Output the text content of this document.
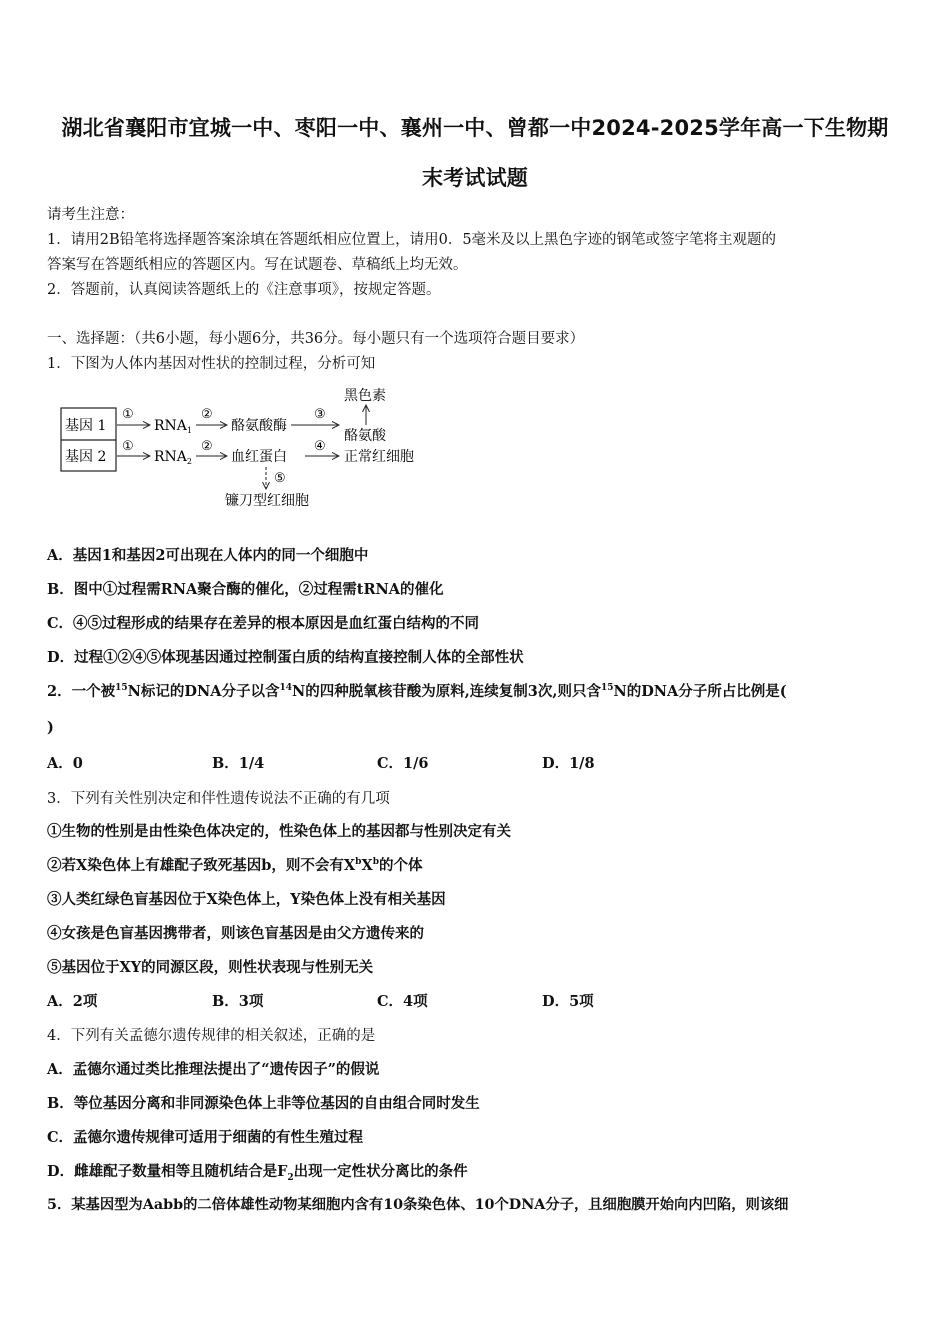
湖北省襄阳市宜城一中、枣阳一中、襄州一中、曾都一中2024-2025学年高一下生物期
末考试试题
请考生注意：
1．请用2B铅笔将选择题答案涂填在答题纸相应位置上，请用0．5毫米及以上黑色字迹的钢笔或签字笔将主观题的
答案写在答题纸相应的答题区内。写在试题卷、草稿纸上均无效。
2．答题前，认真阅读答题纸上的《注意事项》，按规定答题。
一、选择题：（共6小题，每小题6分，共36分。每小题只有一个选项符合题目要求）
1．下图为人体内基因对性状的控制过程，分析可知
基因 1
基因 2
①
$RNA_1$
②
酪氨酸酶
③
黑色素
酪氨酸
①
$RNA_2$
②
血红蛋白
④
正常红细胞
⑤
镰刀型红细胞
A．基因1和基因2可出现在人体内的同一个细胞中
B．图中①过程需RNA聚合酶的催化，②过程需tRNA的催化
C．④⑤过程形成的结果存在差异的根本原因是血红蛋白结构的不同
D．过程①②④⑤体现基因通过控制蛋白质的结构直接控制人体的全部性状
2．一个被$^{15}$N标记的DNA分子以含$^{14}$N的四种脱氧核苷酸为原料,连续复制3次,则只含$^{15}$N的DNA分子所占比例是(
)
A．0	B．1/4	C．1/6	D．1/8
3．下列有关性别决定和伴性遗传说法不正确的有几项
①生物的性别是由性染色体决定的，性染色体上的基因都与性别决定有关
②若X染色体上有雄配子致死基因b，则不会有$X^bX^b$的个体
③人类红绿色盲基因位于X染色体上，Y染色体上没有相关基因
④女孩是色盲基因携带者，则该色盲基因是由父方遗传来的
⑤基因位于XY的同源区段，则性状表现与性别无关
A．2项	B．3项	C．4项	D．5项
4．下列有关孟德尔遗传规律的相关叙述，正确的是
A．孟德尔通过类比推理法提出了“遗传因子”的假说
B．等位基因分离和非同源染色体上非等位基因的自由组合同时发生
C．孟德尔遗传规律可适用于细菌的有性生殖过程
D．雌雄配子数量相等且随机结合是$F_2$出现一定性状分离比的条件
5．某基因型为Aabb的二倍体雄性动物某细胞内含有10条染色体、10个DNA分子，且细胞膜开始向内凹陷，则该细
